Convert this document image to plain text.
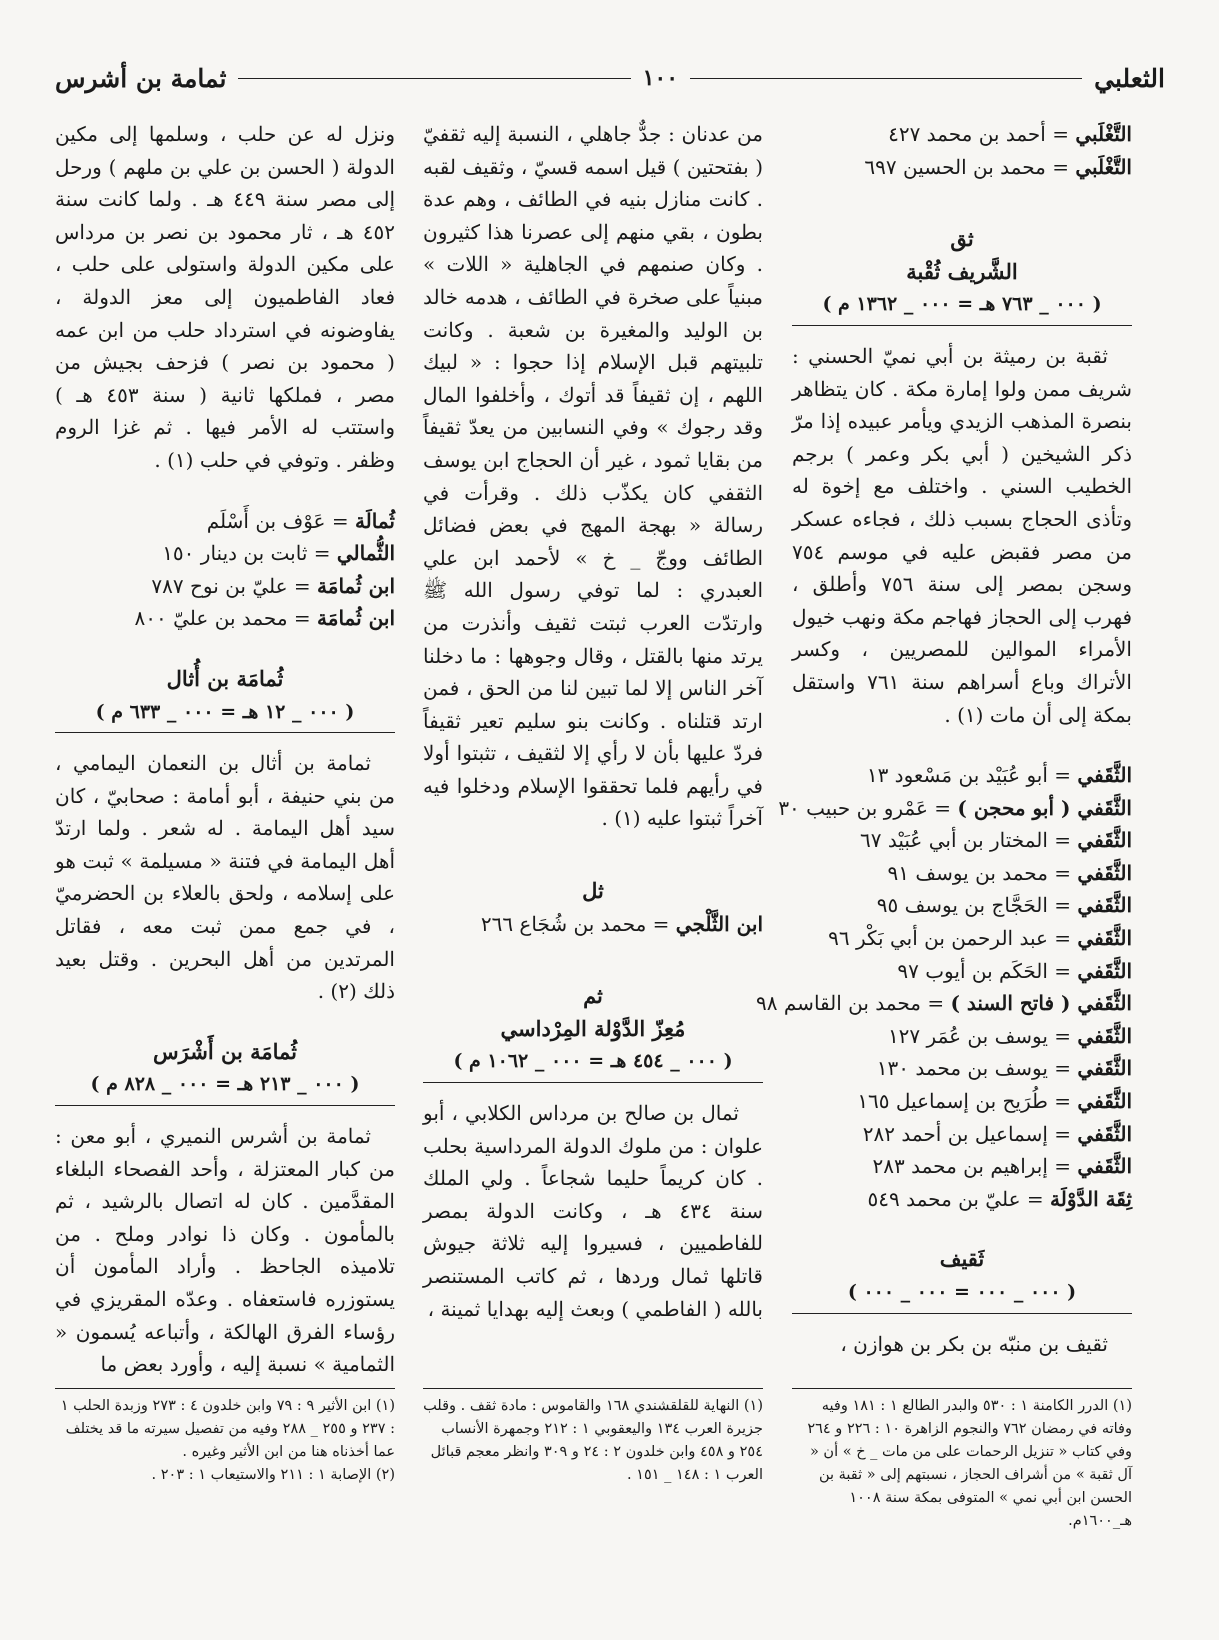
الثعلبي
١٠٠
ثمامة بن أشرس
التَّغْلَبي = أحمد بن محمد ٤٢٧
التَّغْلَبي = محمد بن الحسين ٦٩٧

ثق

الشَّريف ثُقْبة

( ٠٠٠ _ ٧٦٣ هـ = ٠٠٠ _ ١٣٦٢ م )

ثقبة بن رميثة بن أبي نميّ الحسني : شريف ممن ولوا إمارة مكة . كان يتظاهر بنصرة المذهب الزيدي ويأمر عبيده إذا مرّ ذكر الشيخين ( أبي بكر وعمر ) برجم الخطيب السني . واختلف مع إخوة له وتأذى الحجاج بسبب ذلك ، فجاءه عسكر من مصر فقبض عليه في موسم ٧٥٤ وسجن بمصر إلى سنة ٧٥٦ وأطلق ، فهرب إلى الحجاز فهاجم مكة ونهب خيول الأمراء الموالين للمصريين ، وكسر الأتراك وباع أسراهم سنة ٧٦١ واستقل بمكة إلى أن مات (١) .

الثَّقَفي = أبو عُبَيْد بن مَسْعود ١٣
الثَّقَفي ( أبو محجن ) = عَمْرو بن حبيب ٣٠
الثَّقَفي = المختار بن أبي عُبَيْد ٦٧
الثَّقَفي = محمد بن يوسف ٩١
الثَّقَفي = الحَجَّاج بن يوسف ٩٥
الثَّقَفي = عبد الرحمن بن أبي بَكْر ٩٦
الثَّقَفي = الحَكَم بن أيوب ٩٧
الثَّقَفي ( فاتح السند ) = محمد بن القاسم ٩٨
الثَّقَفي = يوسف بن عُمَر ١٢٧
الثَّقَفي = يوسف بن محمد ١٣٠
الثَّقَفي = طُرَيح بن إسماعيل ١٦٥
الثَّقَفي = إسماعيل بن أحمد ٢٨٢
الثَّقَفي = إبراهيم بن محمد ٢٨٣
ثِقَة الدَّوْلَة = عليّ بن محمد ٥٤٩

ثَقيف

( ٠٠٠ _ ٠٠٠ = ٠٠٠ _ ٠٠٠ )

ثقيف بن منبّه بن بكر بن هوازن ،

من عدنان : جدٌّ جاهلي ، النسبة إليه ثقفيّ ( بفتحتين ) قيل اسمه قسيّ ، وثقيف لقبه . كانت منازل بنيه في الطائف ، وهم عدة بطون ، بقي منهم إلى عصرنا هذا كثيرون . وكان صنمهم في الجاهلية « اللات » مبنياً على صخرة في الطائف ، هدمه خالد بن الوليد والمغيرة بن شعبة . وكانت تلبيتهم قبل الإسلام إذا حجوا : « لبيك اللهم ، إن ثقيفاً قد أتوك ، وأخلفوا المال وقد رجوك » وفي النسابين من يعدّ ثقيفاً من بقايا ثمود ، غير أن الحجاج ابن يوسف الثقفي كان يكذّب ذلك . وقرأت في رسالة « بهجة المهج في بعض فضائل الطائف ووجّ _ خ » لأحمد ابن علي العبدري : لما توفي رسول الله ﷺ وارتدّت العرب ثبتت ثقيف وأنذرت من يرتد منها بالقتل ، وقال وجوهها : ما دخلنا آخر الناس إلا لما تبين لنا من الحق ، فمن ارتد قتلناه . وكانت بنو سليم تعير ثقيفاً فردّ عليها بأن لا رأي إلا لثقيف ، تثبتوا أولا في رأيهم فلما تحققوا الإسلام ودخلوا فيه آخراً ثبتوا عليه (١) .

ثل

ابن الثَّلْجي = محمد بن شُجَاع ٢٦٦

ثم

مُعِزّ الدَّوْلة المِرْداسي

( ٠٠٠ _ ٤٥٤ هـ = ٠٠٠ _ ١٠٦٢ م )

ثمال بن صالح بن مرداس الكلابي ، أبو علوان : من ملوك الدولة المرداسية بحلب . كان كريماً حليما شجاعاً . ولي الملك سنة ٤٣٤ هـ ، وكانت الدولة بمصر للفاطميين ، فسيروا إليه ثلاثة جيوش قاتلها ثمال وردها ، ثم كاتب المستنصر بالله ( الفاطمي ) وبعث إليه بهدايا ثمينة ،

ونزل له عن حلب ، وسلمها إلى مكين الدولة ( الحسن بن علي بن ملهم ) ورحل إلى مصر سنة ٤٤٩ هـ . ولما كانت سنة ٤٥٢ هـ ، ثار محمود بن نصر بن مرداس على مكين الدولة واستولى على حلب ، فعاد الفاطميون إلى معز الدولة ، يفاوضونه في استرداد حلب من ابن عمه ( محمود بن نصر ) فزحف بجيش من مصر ، فملكها ثانية ( سنة ٤٥٣ هـ ) واستتب له الأمر فيها . ثم غزا الروم وظفر . وتوفي في حلب (١) .

ثُمالَة = عَوْف بن أَسْلَم
الثُّمالي = ثابت بن دينار ١٥٠
ابن ثُمامَة = عليّ بن نوح ٧٨٧
ابن ثُمامَة = محمد بن عليّ ٨٠٠

ثُمامَة بن أُثال

( ٠٠٠ _ ١٢ هـ = ٠٠٠ _ ٦٣٣ م )

ثمامة بن أثال بن النعمان اليمامي ، من بني حنيفة ، أبو أمامة : صحابيّ ، كان سيد أهل اليمامة . له شعر . ولما ارتدّ أهل اليمامة في فتنة « مسيلمة » ثبت هو على إسلامه ، ولحق بالعلاء بن الحضرميّ ، في جمع ممن ثبت معه ، فقاتل المرتدين من أهل البحرين . وقتل بعيد ذلك (٢) .

ثُمامَة بن أَشْرَس

( ٠٠٠ _ ٢١٣ هـ = ٠٠٠ _ ٨٢٨ م )

ثمامة بن أشرس النميري ، أبو معن : من كبار المعتزلة ، وأحد الفصحاء البلغاء المقدَّمين . كان له اتصال بالرشيد ، ثم بالمأمون . وكان ذا نوادر وملح . من تلاميذه الجاحظ . وأراد المأمون أن يستوزره فاستعفاه . وعدّه المقريزي في رؤساء الفرق الهالكة ، وأتباعه يُسمون « الثمامية » نسبة إليه ، وأورد بعض ما

(١) الدرر الكامنة ١ : ٥٣٠ والبدر الطالع ١ : ١٨١ وفيه وفاته في رمضان ٧٦٢ والنجوم الزاهرة ١٠ : ٢٢٦ و ٢٦٤ وفي كتاب « تنزيل الرحمات على من مات _ خ » أن « آل ثقبة » من أشراف الحجاز ، نسبتهم إلى « ثقبة بن الحسن ابن أبي نمي » المتوفى بمكة سنة ١٠٠٨ هـ_١٦٠٠م.

(١) النهاية للقلقشندي ١٦٨ والقاموس : مادة ثقف . وقلب جزيرة العرب ١٣٤ واليعقوبي ١ : ٢١٢ وجمهرة الأنساب ٢٥٤ و ٤٥٨ وابن خلدون ٢ : ٢٤ و ٣٠٩ وانظر معجم قبائل العرب ١ : ١٤٨ _ ١٥١ .

(١) ابن الأثير ٩ : ٧٩ وابن خلدون ٤ : ٢٧٣ وزبدة الحلب ١ : ٢٣٧ و ٢٥٥ _ ٢٨٨ وفيه من تفصيل سيرته ما قد يختلف عما أخذناه هنا من ابن الأثير وغيره .

(٢) الإصابة ١ : ٢١١ والاستيعاب ١ : ٢٠٣ .
